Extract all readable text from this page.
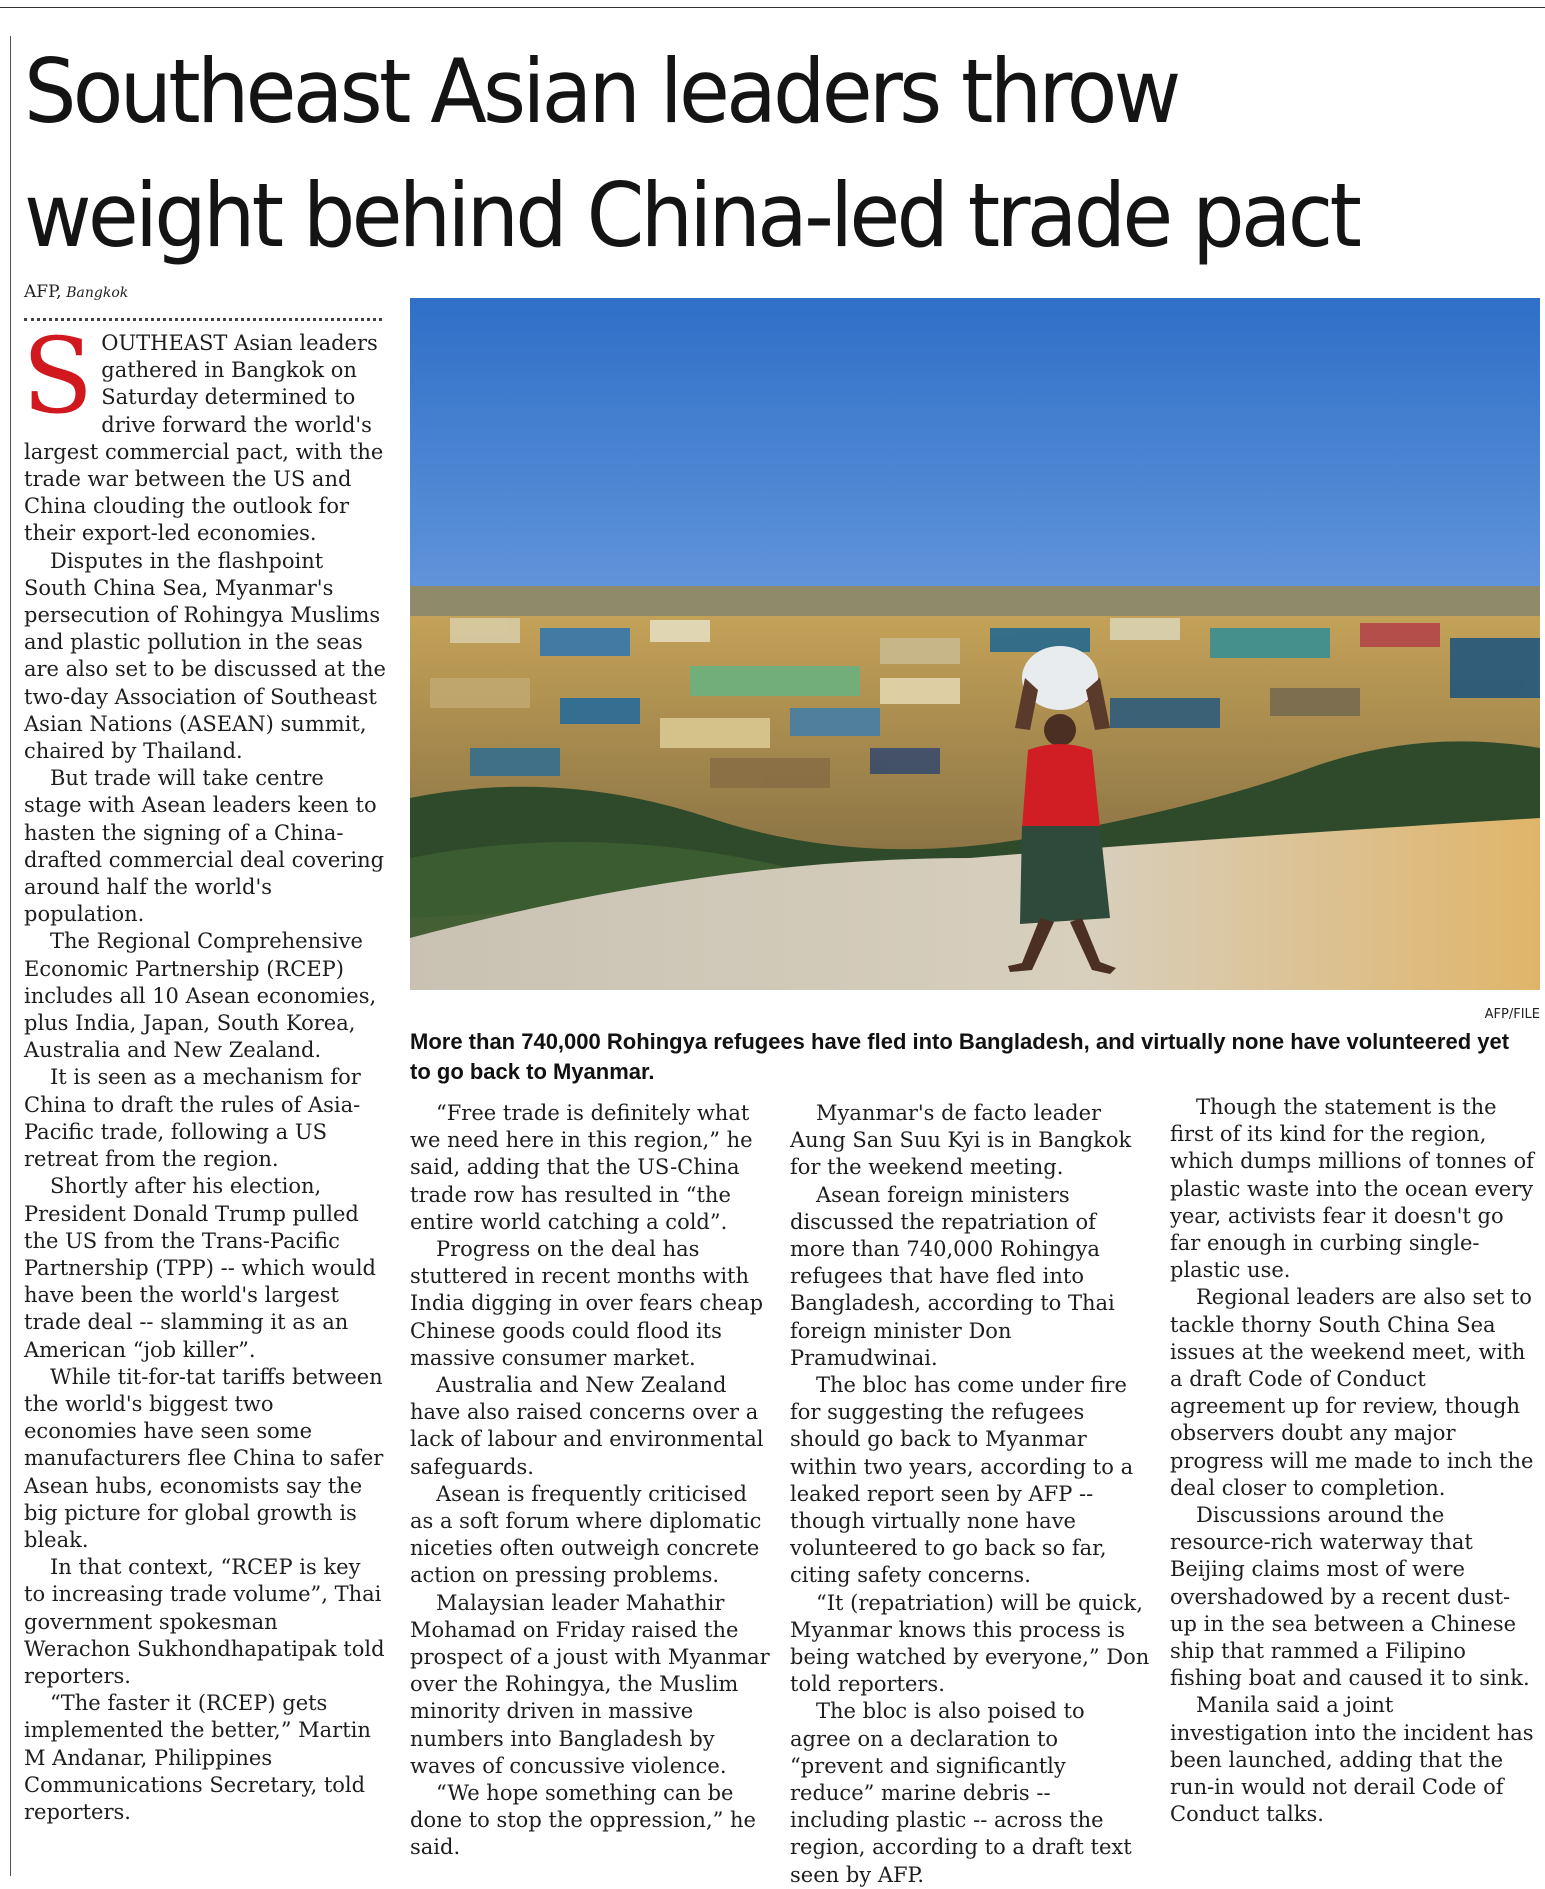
Southeast Asian leaders throw weight behind China-led trade pact
AFP, Bangkok
S OUTHEAST Asian leaders gathered in Bangkok on Saturday determined to drive forward the world's largest commercial pact, with the trade war between the US and China clouding the outlook for their export-led economies.

Disputes in the flashpoint South China Sea, Myanmar's persecution of Rohingya Muslims and plastic pollution in the seas are also set to be discussed at the two-day Association of Southeast Asian Nations (ASEAN) summit, chaired by Thailand.

But trade will take centre stage with Asean leaders keen to hasten the signing of a China-drafted commercial deal covering around half the world's population.

The Regional Comprehensive Economic Partnership (RCEP) includes all 10 Asean economies, plus India, Japan, South Korea, Australia and New Zealand.

It is seen as a mechanism for China to draft the rules of Asia-Pacific trade, following a US retreat from the region.

Shortly after his election, President Donald Trump pulled the US from the Trans-Pacific Partnership (TPP) -- which would have been the world's largest trade deal -- slamming it as an American “job killer”.

While tit-for-tat tariffs between the world's biggest two economies have seen some manufacturers flee China to safer Asean hubs, economists say the big picture for global growth is bleak.

In that context, “RCEP is key to increasing trade volume”, Thai government spokesman Werachon Sukhondhapatipak told reporters.

“The faster it (RCEP) gets implemented the better,” Martin M Andanar, Philippines Communications Secretary, told reporters.

AFP/FILE

More than 740,000 Rohingya refugees have fled into Bangladesh, and virtually none have volunteered yet to go back to Myanmar.

“Free trade is definitely what we need here in this region,” he said, adding that the US-China trade row has resulted in “the entire world catching a cold”.

Progress on the deal has stuttered in recent months with India digging in over fears cheap Chinese goods could flood its massive consumer market.

Australia and New Zealand have also raised concerns over a lack of labour and environmental safeguards.

Asean is frequently criticised as a soft forum where diplomatic niceties often outweigh concrete action on pressing problems.

Malaysian leader Mahathir Mohamad on Friday raised the prospect of a joust with Myanmar over the Rohingya, the Muslim minority driven in massive numbers into Bangladesh by waves of concussive violence.

“We hope something can be done to stop the oppression,” he said.

Myanmar's de facto leader Aung San Suu Kyi is in Bangkok for the weekend meeting.

Asean foreign ministers discussed the repatriation of more than 740,000 Rohingya refugees that have fled into Bangladesh, according to Thai foreign minister Don Pramudwinai.

The bloc has come under fire for suggesting the refugees should go back to Myanmar within two years, according to a leaked report seen by AFP -- though virtually none have volunteered to go back so far, citing safety concerns.

“It (repatriation) will be quick, Myanmar knows this process is being watched by everyone,” Don told reporters.

The bloc is also poised to agree on a declaration to “prevent and significantly reduce” marine debris -- including plastic -- across the region, according to a draft text seen by AFP.

Though the statement is the first of its kind for the region, which dumps millions of tonnes of plastic waste into the ocean every year, activists fear it doesn't go far enough in curbing single-plastic use.

Regional leaders are also set to tackle thorny South China Sea issues at the weekend meet, with a draft Code of Conduct agreement up for review, though observers doubt any major progress will me made to inch the deal closer to completion.

Discussions around the resource-rich waterway that Beijing claims most of were overshadowed by a recent dust-up in the sea between a Chinese ship that rammed a Filipino fishing boat and caused it to sink.

Manila said a joint investigation into the incident has been launched, adding that the run-in would not derail Code of Conduct talks.
